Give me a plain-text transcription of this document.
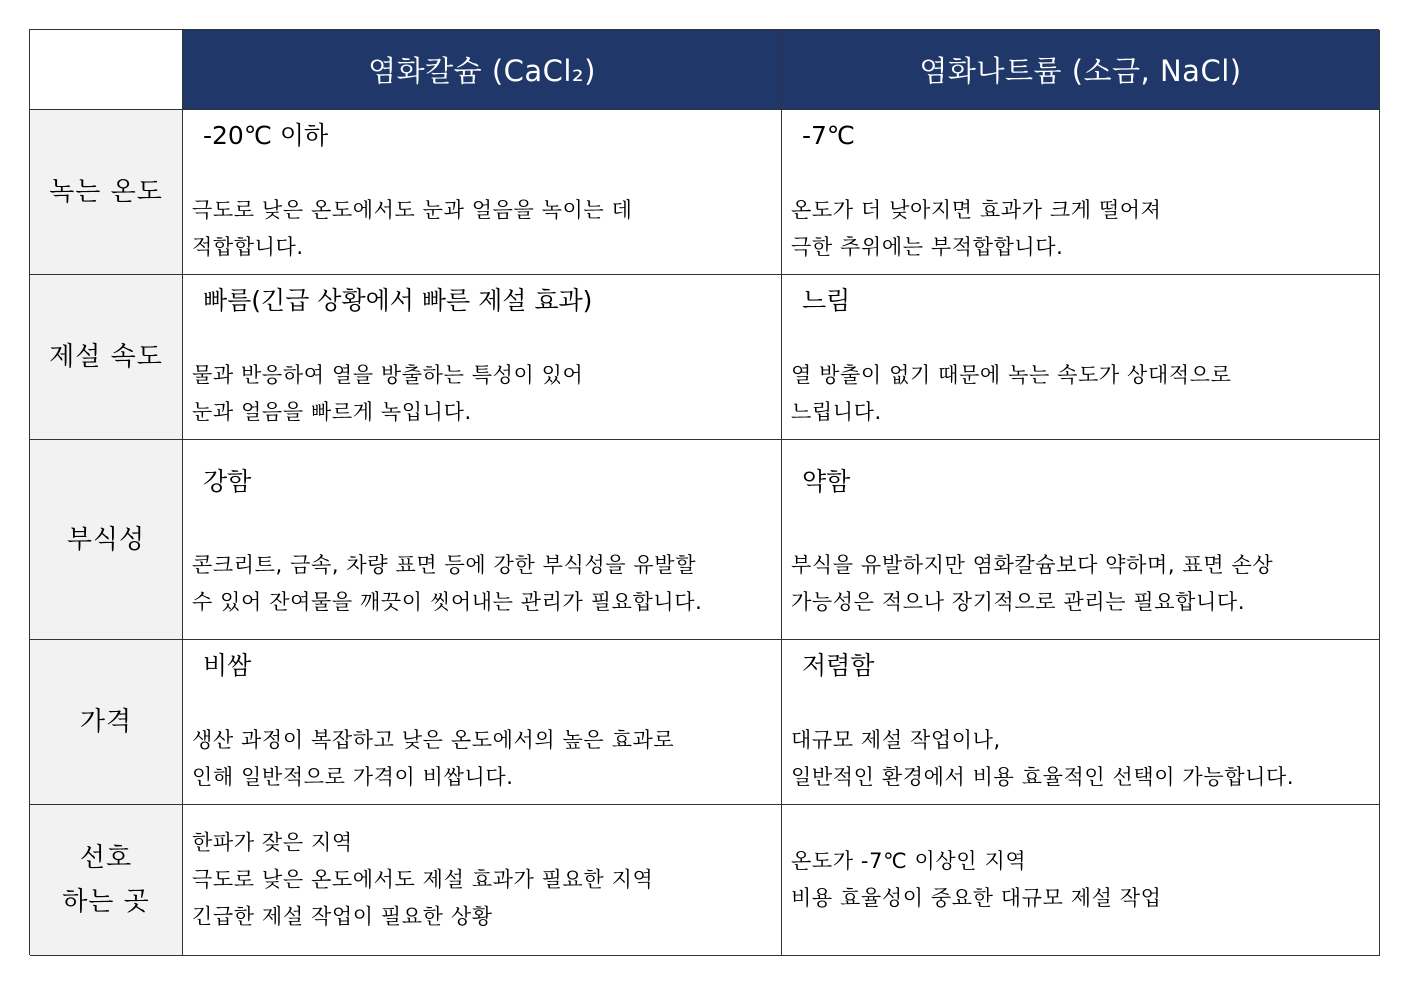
염화칼슘 (CaCl₂)	염화나트륨 (소금, NaCl)
녹는 온도
-20℃ 이하
극도로 낮은 온도에서도 눈과 얼음을 녹이는 데
적합합니다.
-7℃
온도가 더 낮아지면 효과가 크게 떨어져
극한 추위에는 부적합합니다.
제설 속도
빠름(긴급 상황에서 빠른 제설 효과)
물과 반응하여 열을 방출하는 특성이 있어
눈과 얼음을 빠르게 녹입니다.
느림
열 방출이 없기 때문에 녹는 속도가 상대적으로
느립니다.
부식성
강함
콘크리트, 금속, 차량 표면 등에 강한 부식성을 유발할
수 있어 잔여물을 깨끗이 씻어내는 관리가 필요합니다.
약함
부식을 유발하지만 염화칼슘보다 약하며, 표면 손상
가능성은 적으나 장기적으로 관리는 필요합니다.
가격
비쌈
생산 과정이 복잡하고 낮은 온도에서의 높은 효과로
인해 일반적으로 가격이 비쌉니다.
저렴함
대규모 제설 작업이나,
일반적인 환경에서 비용 효율적인 선택이 가능합니다.
선호
하는 곳
한파가 잦은 지역
극도로 낮은 온도에서도 제설 효과가 필요한 지역
긴급한 제설 작업이 필요한 상황
온도가 -7℃ 이상인 지역
비용 효율성이 중요한 대규모 제설 작업
